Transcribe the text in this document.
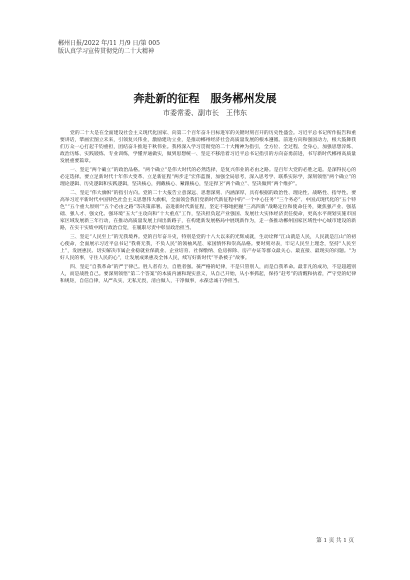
郴州日报/2022 年/11 月/9 日/第 005
版认真学习宣传贯彻党的二十大精神
奔赴新的征程　服务郴州发展
市委常委、副市长　王伟东

党的二十大是在全面建设社会主义现代化国家、向第二个百年奋斗目标进军的关键时刻召开的历史性盛会。习近平总书记所作报告和重要讲话，擘画宏图立未来，引领复兴伟业，激励建功立业，是推动郴州经济社会高质量发展的根本遵循。前进方向和强国动力，根大鼓舞我们万众一心打起千钧重担，团结奋斗推进千秋伟业。我将深入学习贯彻党的二十大精神为指引，全方位、全过程、全身心，加强思想淬炼、政治历练、实践锻炼、专业训练，学懂弄通做实，做到思想统一、坚定不移沿着习近平总书记指引的方向奋勇前进，书写新时代郴州高质量发展重要篇章。

一、坚定“两个确立”的政治品格。“两个确立”是伟大时代的必然选择，是复兴伟业的必由之路。是百年大党的必胜之道。是深得民心的必定选择。要立足新时代十年伟大变革、立足新征程“两步走”宏伟蓝图，加强全局思考，深入思考学、联系实际学，深刻领悟“两个确立”的理论逻辑、历史逻辑和实践逻辑，坚决核心，拥戴核心、紧跟核心，坚定捍卫“两个确立”、坚决做到“两个维护”。

二、坚定“伟大旗帜”的指引方向。党的二十大报告立意深远、思想深刻、内涵深厚，具有根据的政治性、理论性、战略性、指导性。要高举习近平新时代中国特色社会主义思想伟大旗帜，全面领会我们党新时代新征程中的“一个中心任务”“三个务必”、中国式现代化的“五个特色”“五个重大原则”“五个必由之路”等决策部署。奋进新时代新征程，坚定不移地把握“三高四新”战略定位和使命任务，聚焦强产业、强基础、强人才、强文化、强环境“五大”主攻向和“十大重点”工作，坚决担负起产业强国、发展壮大实体经济责任使命，更高水平规划实施市国家区域发展新三年行动，在推动高质量发展上闯出新路子，在构建新发展格局中展现新作为，走一条推动郴州国家区域性中心城市建设的新路，在实干实绩中践行政治自觉，在履职尽责中彰显政治担当。

三、坚定“人民至上”的无我境界。党的百年奋斗史，特别是党的十八大以来的光辉成就，生动诠释“江山就是人民，人民就是江山”的初心使命，全面展示习近平总书记“我将无我，不负人民”的领袖风范、家国情怀和崇高品格。要时刻对表，牢记人民至上理念，坚持“人民至上”，发展惠民、切实解决市属企业稳就业保就业、企业培育、社保缴纳、危房拆除、房产办证等群众最关心、最直接、最现实的问题。“为好人民的事，守住人民的心”，让发展成果惠及全体人民，续写好新时代“半条被子”故事。

四、坚定“自我革命”的严于律己。胜人者有力，自胜者强。葆严格的纪律，不是只管别人，而是自我革命。最非凡的成功，不是超越别人，而是战胜自己。要深刻领悟“第二个答案”的本质内涵和现实意义，从自己开始，从小事抓起，保持“赶考”的清醒和执着，严守党的纪律和规矩，自信自律，从严从实，无私无畏，清白做人，干净做事，永葆忠诚干净担当。

第 1 页 共 1 页
